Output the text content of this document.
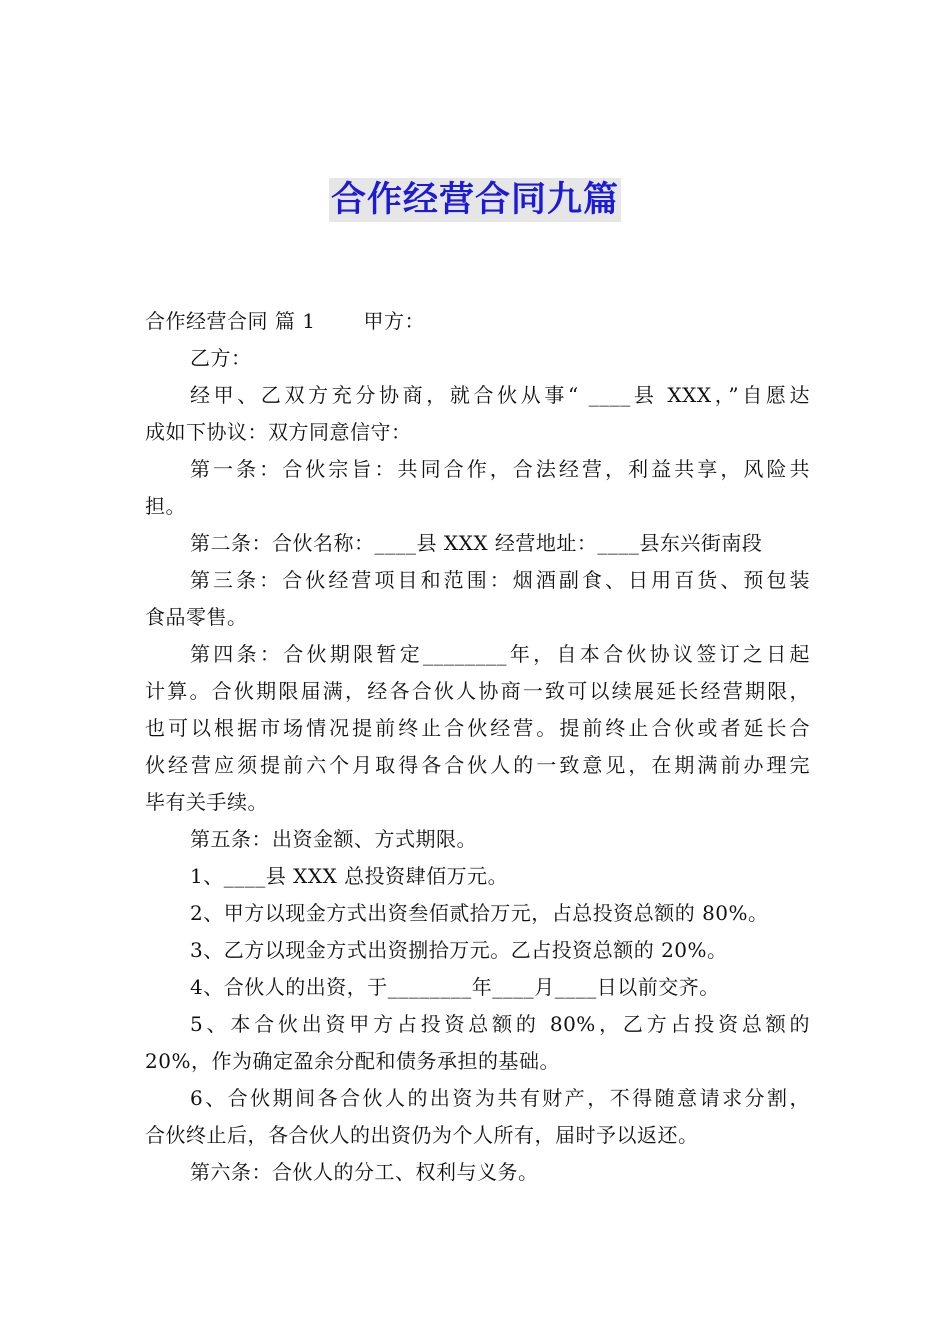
合作经营合同九篇
合作经营合同 篇 1 甲方：
乙方：
经甲、乙双方充分协商，就合伙从事“ ____县 XXX，”自愿达
成如下协议：双方同意信守：
第一条：合伙宗旨：共同合作，合法经营，利益共享，风险共
担。
第二条：合伙名称：____县 XXX 经营地址：____县东兴街南段
第三条：合伙经营项目和范围：烟酒副食、日用百货、预包装
食品零售。
第四条：合伙期限暂定________年，自本合伙协议签订之日起
计算。合伙期限届满，经各合伙人协商一致可以续展延长经营期限，
也可以根据市场情况提前终止合伙经营。提前终止合伙或者延长合
伙经营应须提前六个月取得各合伙人的一致意见，在期满前办理完
毕有关手续。
第五条：出资金额、方式期限。
1、____县 XXX 总投资肆佰万元。
2、甲方以现金方式出资叁佰贰拾万元，占总投资总额的 80%。
3、乙方以现金方式出资捌拾万元。乙占投资总额的 20%。
4、合伙人的出资，于________年____月____日以前交齐。
5、本合伙出资甲方占投资总额的 80%，乙方占投资总额的
20%，作为确定盈余分配和债务承担的基础。
6、合伙期间各合伙人的出资为共有财产，不得随意请求分割，
合伙终止后，各合伙人的出资仍为个人所有，届时予以返还。
第六条：合伙人的分工、权利与义务。
